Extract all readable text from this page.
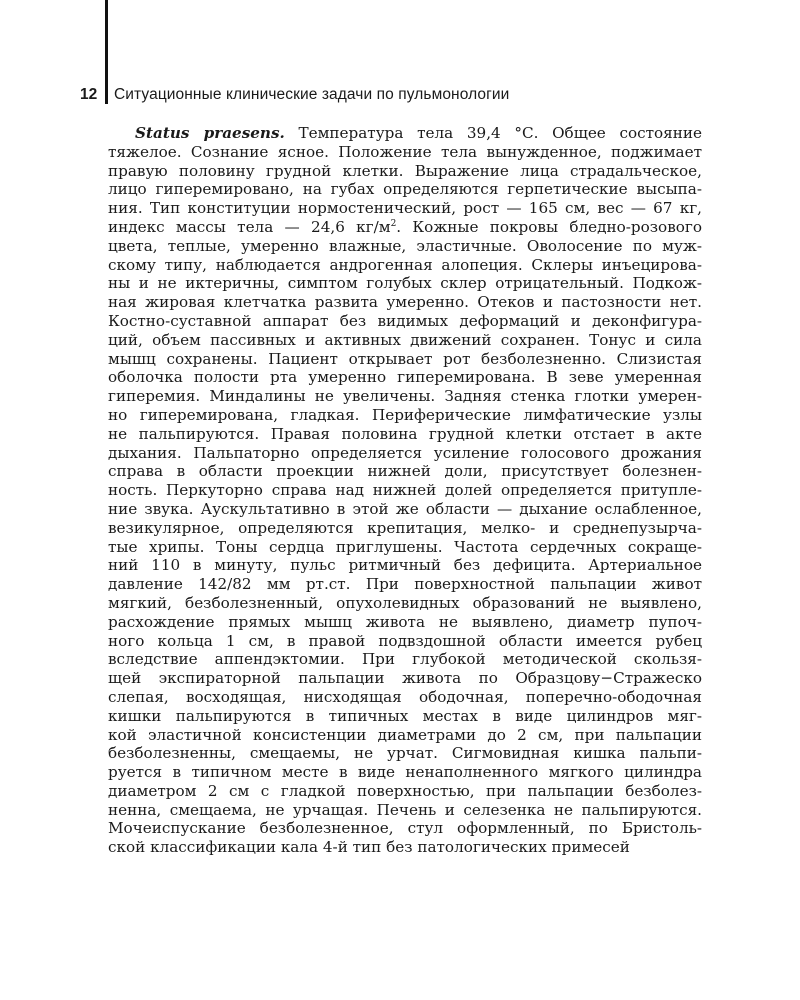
12	Ситуационные клинические задачи по пульмонологии
Status praesens. Температура тела 39,4 °С. Общее состояние
тяжелое. Сознание ясное. Положение тела вынужденное, поджимает
правую половину грудной клетки. Выражение лица страдальческое,
лицо гиперемировано, на губах определяются герпетические высыпа-
ния. Тип конституции нормостенический, рост — 165 см, вес — 67 кг,
индекс массы тела — 24,6 $кг/м^2$. Кожные покровы бледно-розового
цвета, теплые, умеренно влажные, эластичные. Оволосение по муж-
скому типу, наблюдается андрогенная алопеция. Склеры инъецирова-
ны и не иктеричны, симптом голубых склер отрицательный. Подкож-
ная жировая клетчатка развита умеренно. Отеков и пастозности нет.
Костно-суставной аппарат без видимых деформаций и деконфигура-
ций, объем пассивных и активных движений сохранен. Тонус и сила
мышц сохранены. Пациент открывает рот безболезненно. Слизистая
оболочка полости рта умеренно гиперемирована. В зеве умеренная
гиперемия. Миндалины не увеличены. Задняя стенка глотки умерен-
но гиперемирована, гладкая. Периферические лимфатические узлы
не пальпируются. Правая половина грудной клетки отстает в акте
дыхания. Пальпаторно определяется усиление голосового дрожания
справа в области проекции нижней доли, присутствует болезнен-
ность. Перкуторно справа над нижней долей определяется притупле-
ние звука. Аускультативно в этой же области — дыхание ослабленное,
везикулярное, определяются крепитация, мелко- и среднепузырча-
тые хрипы. Тоны сердца приглушены. Частота сердечных сокраще-
ний 110 в минуту, пульс ритмичный без дефицита. Артериальное
давление 142/82 мм рт.ст. При поверхностной пальпации живот
мягкий, безболезненный, опухолевидных образований не выявлено,
расхождение прямых мышц живота не выявлено, диаметр пупоч-
ного кольца 1 см, в правой подвздошной области имеется рубец
вследствие аппендэктомии. При глубокой методической скользя-
щей экспираторной пальпации живота по Образцову−Стражеско
слепая, восходящая, нисходящая ободочная, поперечно-ободочная
кишки пальпируются в типичных местах в виде цилиндров мяг-
кой эластичной консистенции диаметрами до 2 см, при пальпации
безболезненны, смещаемы, не урчат. Сигмовидная кишка пальпи-
руется в типичном месте в виде ненаполненного мягкого цилиндра
диаметром 2 см с гладкой поверхностью, при пальпации безболез-
ненна, смещаема, не урчащая. Печень и селезенка не пальпируются.
Мочеиспускание безболезненное, стул оформленный, по Бристоль-
ской классификации кала 4-й тип без патологических примесей
